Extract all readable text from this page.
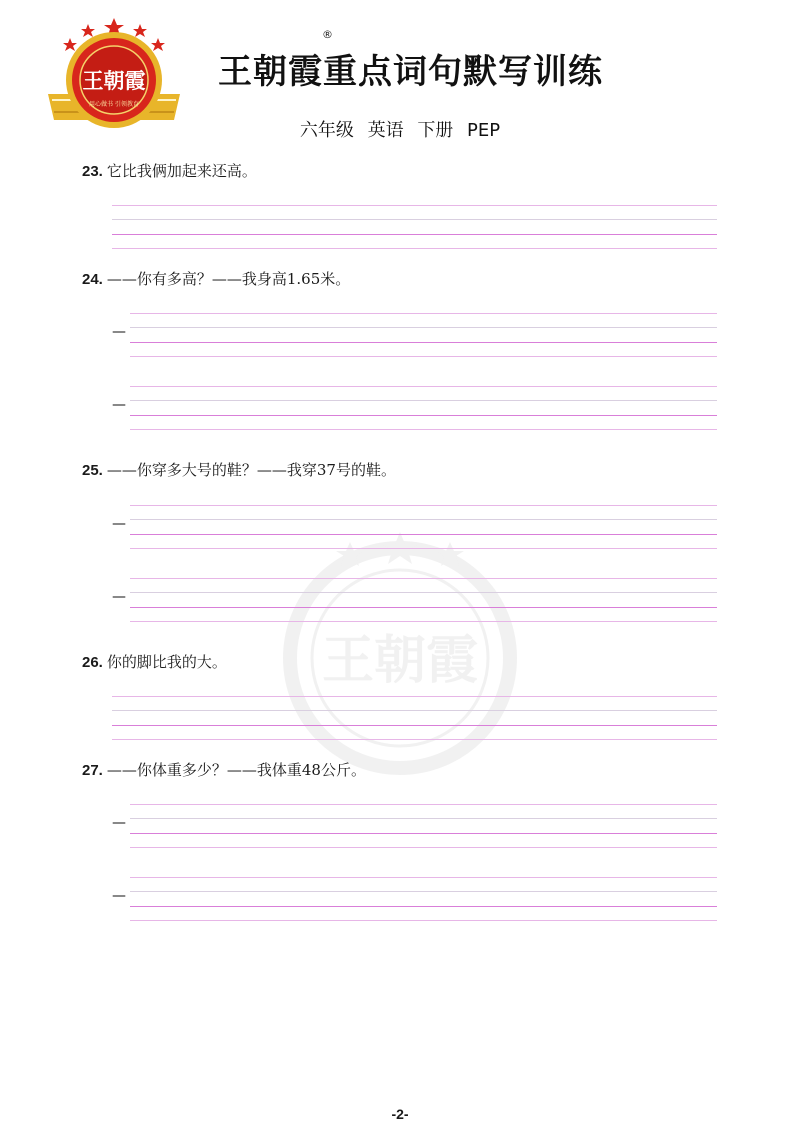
王朝霞
用心做书 引领教育
王朝霞重点词句默写训练
®
六年级 英语 下册 PEP
王朝霞
23. 它比我俩加起来还高。
24. ——你有多高？——我身高1.65米。
—
—
25. ——你穿多大号的鞋？——我穿37号的鞋。
—
—
26. 你的脚比我的大。
27. ——你体重多少？——我体重48公斤。
—
—
-2-
